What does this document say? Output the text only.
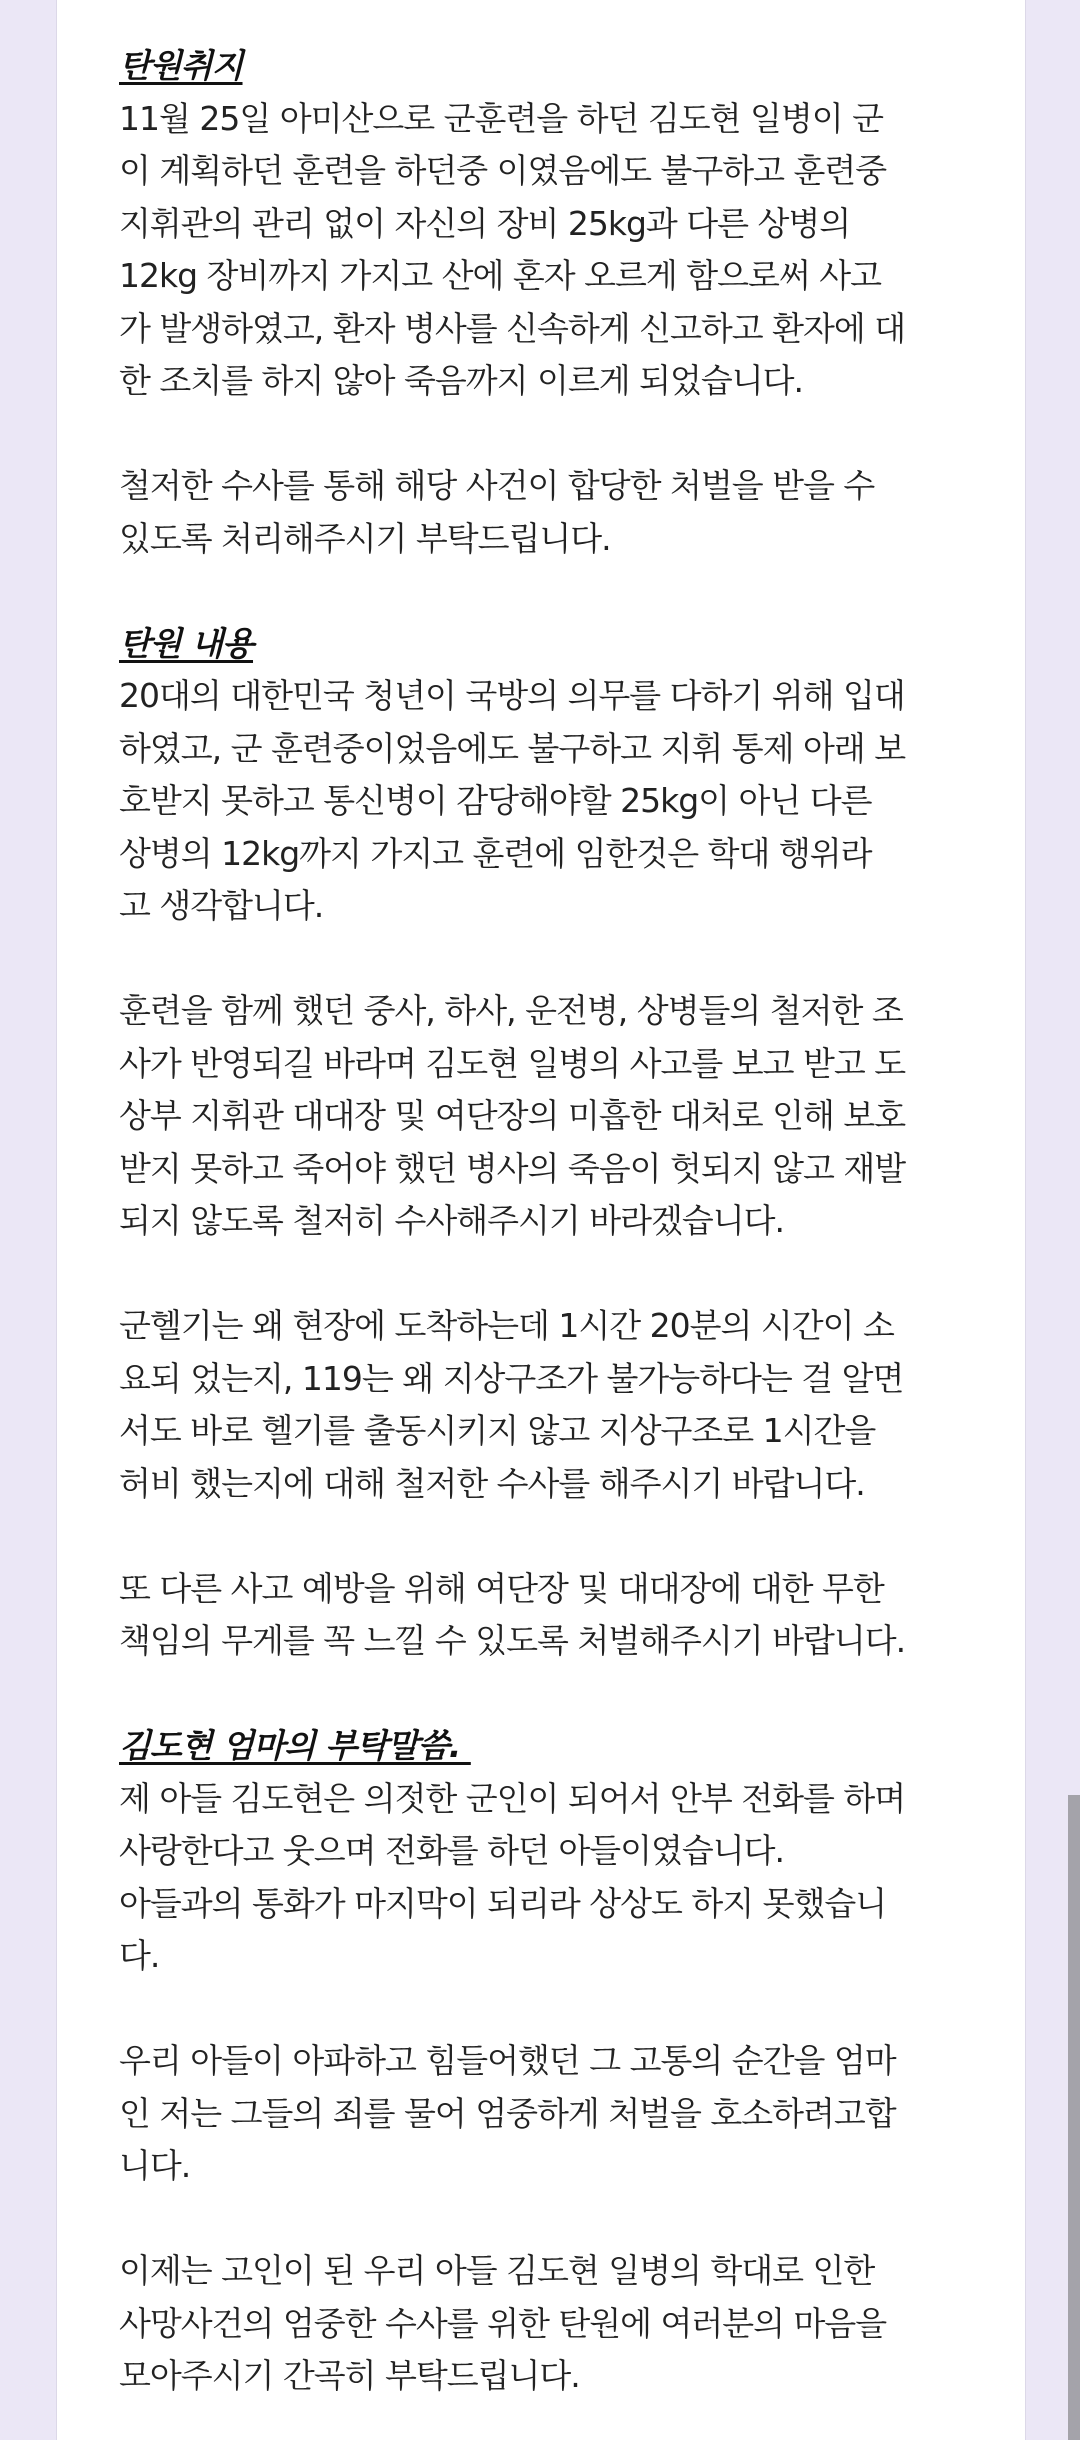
탄원취지
11월 25일 아미산으로 군훈련을 하던 김도현 일병이 군
이 계획하던 훈련을 하던중 이였음에도 불구하고 훈련중
지휘관의 관리 없이 자신의 장비 25kg과 다른 상병의
12kg 장비까지 가지고 산에 혼자 오르게 함으로써 사고
가 발생하였고, 환자 병사를 신속하게 신고하고 환자에 대
한 조치를 하지 않아 죽음까지 이르게 되었습니다.
철저한 수사를 통해 해당 사건이 합당한 처벌을 받을 수
있도록 처리해주시기 부탁드립니다.
탄원 내용
20대의 대한민국 청년이 국방의 의무를 다하기 위해 입대
하였고, 군 훈련중이었음에도 불구하고 지휘 통제 아래 보
호받지 못하고 통신병이 감당해야할 25kg이 아닌 다른
상병의 12kg까지 가지고 훈련에 임한것은 학대 행위라
고 생각합니다.
훈련을 함께 했던 중사, 하사, 운전병, 상병들의 철저한 조
사가 반영되길 바라며 김도현 일병의 사고를 보고 받고 도
상부 지휘관 대대장 및 여단장의 미흡한 대처로 인해 보호
받지 못하고 죽어야 했던 병사의 죽음이 헛되지 않고 재발
되지 않도록 철저히 수사해주시기 바라겠습니다.
군헬기는 왜 현장에 도착하는데 1시간 20분의 시간이 소
요되 었는지, 119는 왜 지상구조가 불가능하다는 걸 알면
서도 바로 헬기를 출동시키지 않고 지상구조로 1시간을
허비 했는지에 대해 철저한 수사를 해주시기 바랍니다.
또 다른 사고 예방을 위해 여단장 및 대대장에 대한 무한
책임의 무게를 꼭 느낄 수 있도록 처벌해주시기 바랍니다.
김도현 엄마의 부탁말씀.
제 아들 김도현은 의젓한 군인이 되어서 안부 전화를 하며
사랑한다고 웃으며 전화를 하던 아들이였습니다.
아들과의 통화가 마지막이 되리라 상상도 하지 못했습니
다.
우리 아들이 아파하고 힘들어했던 그 고통의 순간을 엄마
인 저는 그들의 죄를 물어 엄중하게 처벌을 호소하려고합
니다.
이제는 고인이 된 우리 아들 김도현 일병의 학대로 인한
사망사건의 엄중한 수사를 위한 탄원에 여러분의 마음을
모아주시기 간곡히 부탁드립니다.
